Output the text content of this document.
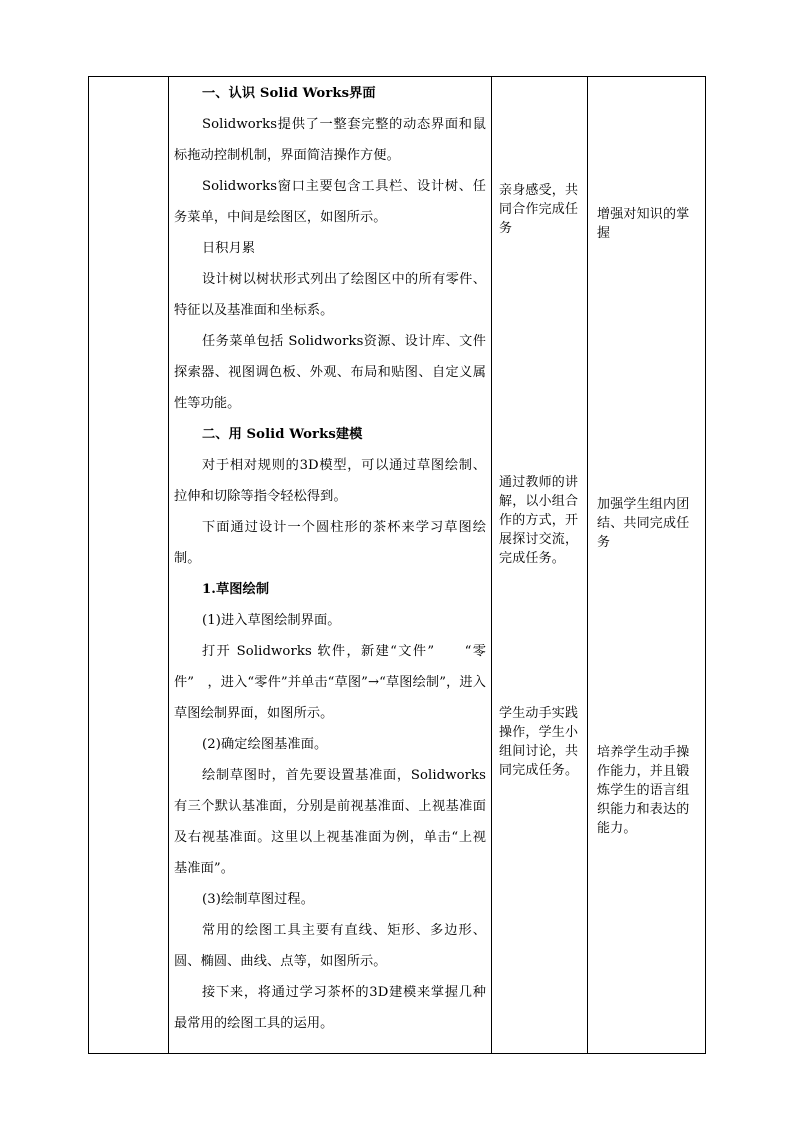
一、认识 Solid Works界面

Solidworks提供了一整套完整的动态界面和鼠标拖动控制机制，界面简洁操作方便。

Solidworks窗口主要包含工具栏、设计树、任务菜单，中间是绘图区，如图所示。

日积月累

设计树以树状形式列出了绘图区中的所有零件、特征以及基准面和坐标系。

任务菜单包括 Solidworks资源、设计库、文件探索器、视图调色板、外观、布局和贴图、自定义属性等功能。

二、用 Solid Works建模

对于相对规则的3D模型，可以通过草图绘制、拉伸和切除等指令轻松得到。

下面通过设计一个圆柱形的茶杯来学习草图绘制。

1.草图绘制

(1)进入草图绘制界面。

打开 Solidworks 软件，新建“文件”　　“零件”　，进入“零件”并单击“草图”→“草图绘制”，进入草图绘制界面，如图所示。

(2)确定绘图基准面。

绘制草图时，首先要设置基准面，Solidworks有三个默认基准面，分别是前视基准面、上视基准面及右视基准面。这里以上视基准面为例，单击“上视基准面”。

(3)绘制草图过程。

常用的绘图工具主要有直线、矩形、多边形、圆、椭圆、曲线、点等，如图所示。

接下来，将通过学习茶杯的3D建模来掌握几种最常用的绘图工具的运用。

亲身感受，共同合作完成任务

通过教师的讲解，以小组合作的方式，开展探讨交流，完成任务。

学生动手实践操作，学生小组间讨论，共同完成任务。

增强对知识的掌握

加强学生组内团结、共同完成任务

培养学生动手操作能力，并且锻炼学生的语言组织能力和表达的能力。
